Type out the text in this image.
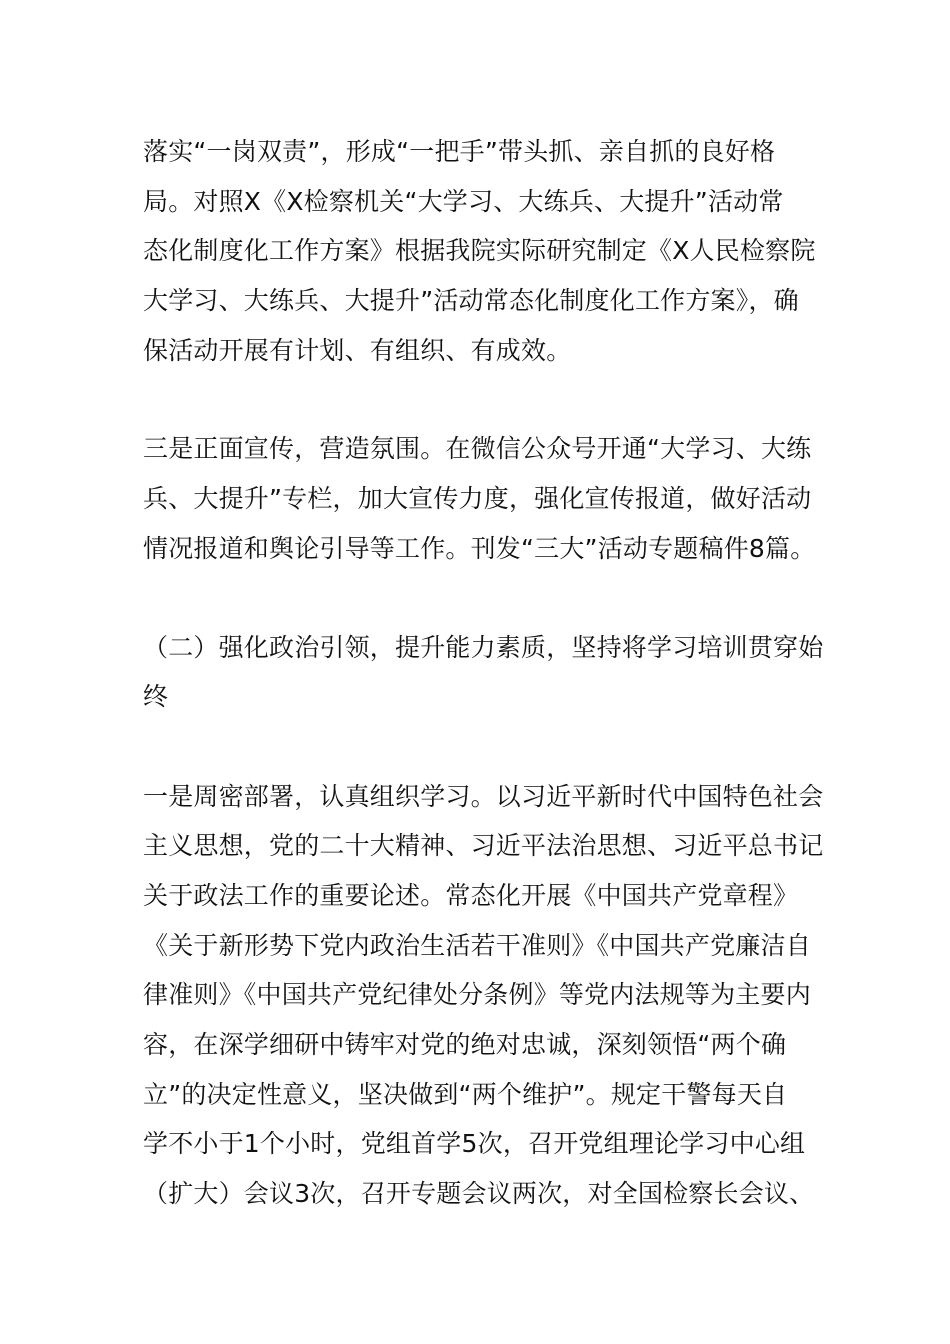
落实“一岗双责”，形成“一把手”带头抓、亲自抓的良好格
局。对照X《X检察机关“大学习、大练兵、大提升”活动常
态化制度化工作方案》根据我院实际研究制定《X人民检察院
大学习、大练兵、大提升”活动常态化制度化工作方案》，确
保活动开展有计划、有组织、有成效。
三是正面宣传，营造氛围。在微信公众号开通“大学习、大练
兵、大提升”专栏，加大宣传力度，强化宣传报道，做好活动
情况报道和舆论引导等工作。刊发“三大”活动专题稿件8篇。
（二）强化政治引领，提升能力素质，坚持将学习培训贯穿始
终
一是周密部署，认真组织学习。以习近平新时代中国特色社会
主义思想，党的二十大精神、习近平法治思想、习近平总书记
关于政法工作的重要论述。常态化开展《中国共产党章程》
《关于新形势下党内政治生活若干准则》《中国共产党廉洁自
律准则》《中国共产党纪律处分条例》等党内法规等为主要内
容，在深学细研中铸牢对党的绝对忠诚，深刻领悟“两个确
立”的决定性意义，坚决做到“两个维护”。规定干警每天自
学不小于1个小时，党组首学5次，召开党组理论学习中心组
（扩大）会议3次，召开专题会议两次，对全国检察长会议、
